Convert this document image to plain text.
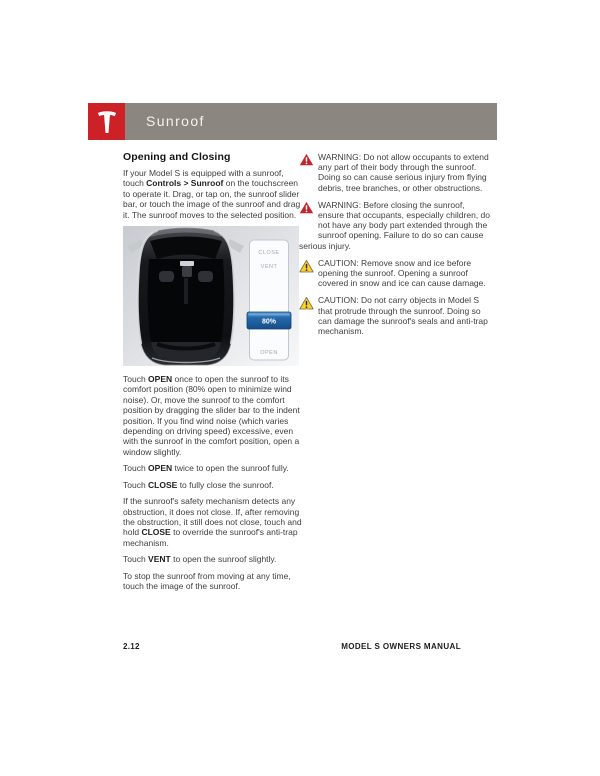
Sunroof
Opening and Closing

If your Model S is equipped with a sunroof, touch Controls > Sunroof on the touchscreen to operate it. Drag, or tap on, the sunroof slider bar, or touch the image of the sunroof and drag it. The sunroof moves to the selected position.

CLOSE
VENT
80%
OPEN

Touch OPEN once to open the sunroof to its comfort position (80% open to minimize wind noise). Or, move the sunroof to the comfort position by dragging the slider bar to the indent position. If you find wind noise (which varies depending on driving speed) excessive, even with the sunroof in the comfort position, open a window slightly.

Touch OPEN twice to open the sunroof fully.

Touch CLOSE to fully close the sunroof.

If the sunroof's safety mechanism detects any obstruction, it does not close. If, after removing the obstruction, it still does not close, touch and hold CLOSE to override the sunroof's anti-trap mechanism.

Touch VENT to open the sunroof slightly.

To stop the sunroof from moving at any time, touch the image of the sunroof.

WARNING: Do not allow occupants to extend any part of their body through the sunroof. Doing so can cause serious injury from flying debris, tree branches, or other obstructions.
WARNING: Before closing the sunroof, ensure that occupants, especially children, do not have any body part extended through the sunroof opening. Failure to do so can cause serious injury.
CAUTION: Remove snow and ice before opening the sunroof. Opening a sunroof covered in snow and ice can cause damage.
CAUTION: Do not carry objects in Model S that protrude through the sunroof. Doing so can damage the sunroof's seals and anti-trap mechanism.
2.12	MODEL S OWNERS MANUAL
